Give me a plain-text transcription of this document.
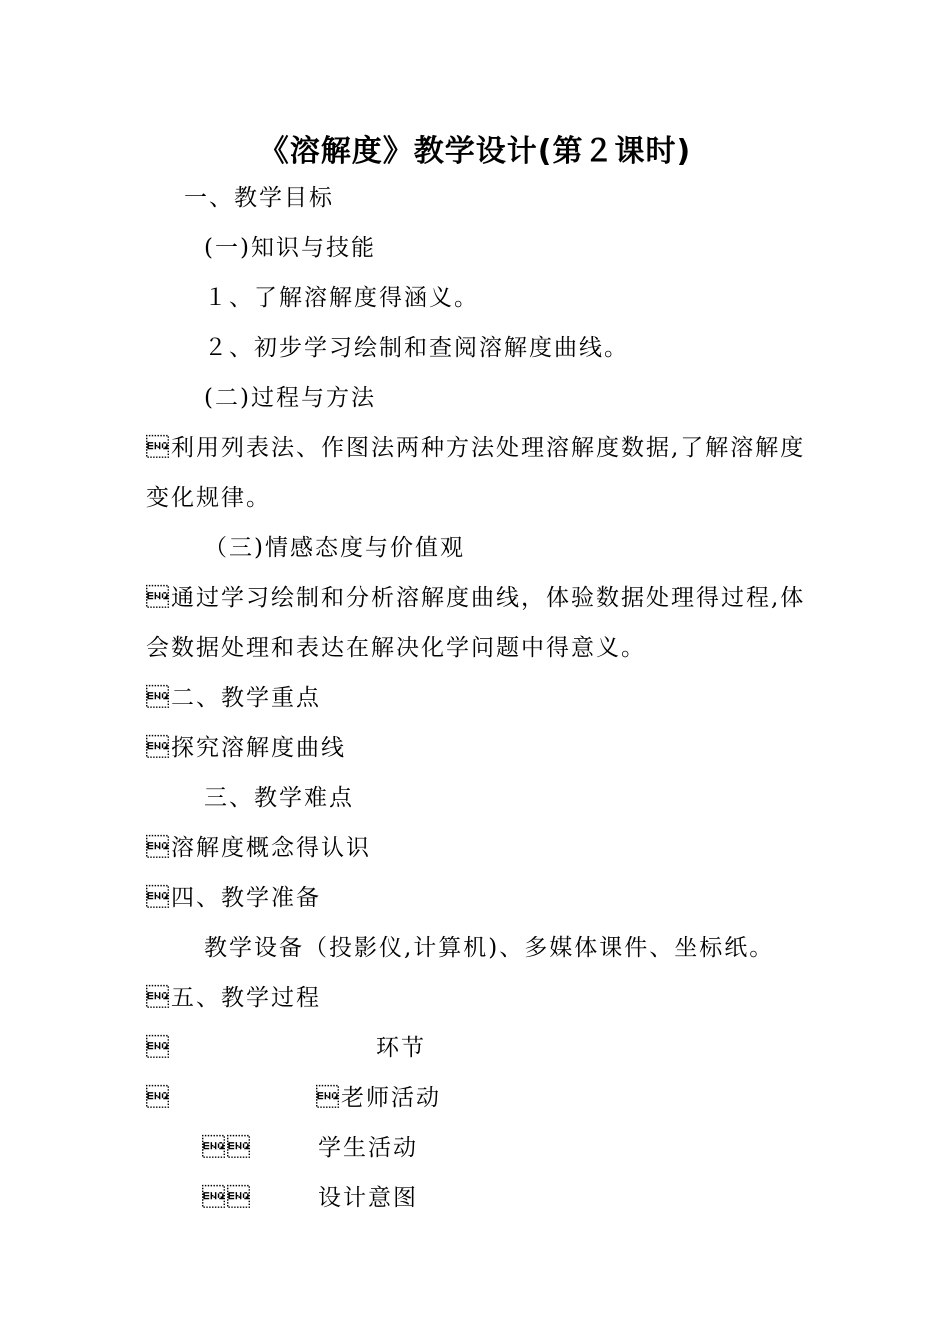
《溶解度》教学设计(第２课时)
一、教学目标
(一)知识与技能
１、了解溶解度得涵义。
２、初步学习绘制和查阅溶解度曲线。
(二)过程与方法
利用列表法、作图法两种方法处理溶解度数据,了解溶解度
变化规律。
（三)情感态度与价值观
通过学习绘制和分析溶解度曲线，体验数据处理得过程,体
会数据处理和表达在解决化学问题中得意义。
二、教学重点
探究溶解度曲线
三、教学难点
溶解度概念得认识
四、教学准备
教学设备（投影仪,计算机)、多媒体课件、坐标纸。
五、教学过程
	环节
	老师活动
	学生活动
	设计意图
